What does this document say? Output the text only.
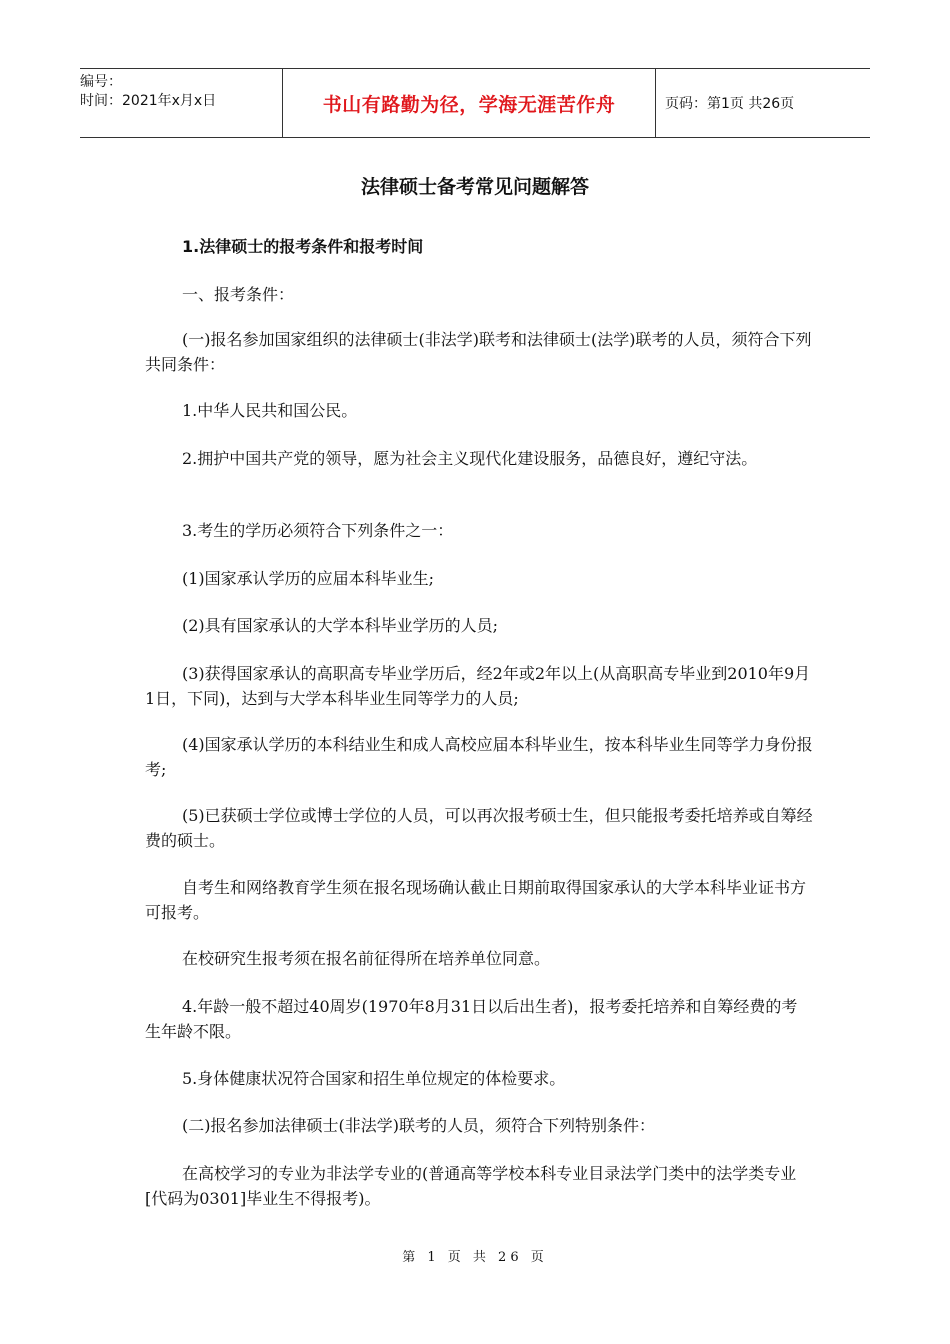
编号：
时间：2021年x月x日	书山有路勤为径，学海无涯苦作舟	页码：第1页 共26页
法律硕士备考常见问题解答
1.法律硕士的报考条件和报考时间

一、报考条件：

(一)报名参加国家组织的法律硕士(非法学)联考和法律硕士(法学)联考的人员，须符合下列共同条件：

1.中华人民共和国公民。

2.拥护中国共产党的领导，愿为社会主义现代化建设服务，品德良好，遵纪守法。

3.考生的学历必须符合下列条件之一：

(1)国家承认学历的应届本科毕业生;

(2)具有国家承认的大学本科毕业学历的人员;

(3)获得国家承认的高职高专毕业学历后，经2年或2年以上(从高职高专毕业到2010年9月1日，下同)，达到与大学本科毕业生同等学力的人员;

(4)国家承认学历的本科结业生和成人高校应届本科毕业生，按本科毕业生同等学力身份报考;

(5)已获硕士学位或博士学位的人员，可以再次报考硕士生，但只能报考委托培养或自筹经费的硕士。

自考生和网络教育学生须在报名现场确认截止日期前取得国家承认的大学本科毕业证书方可报考。

在校研究生报考须在报名前征得所在培养单位同意。

4.年龄一般不超过40周岁(1970年8月31日以后出生者)，报考委托培养和自筹经费的考生年龄不限。

5.身体健康状况符合国家和招生单位规定的体检要求。

(二)报名参加法律硕士(非法学)联考的人员，须符合下列特别条件：

在高校学习的专业为非法学专业的(普通高等学校本科专业目录法学门类中的法学类专业[代码为0301]毕业生不得报考)。

第 1 页 共 26 页
